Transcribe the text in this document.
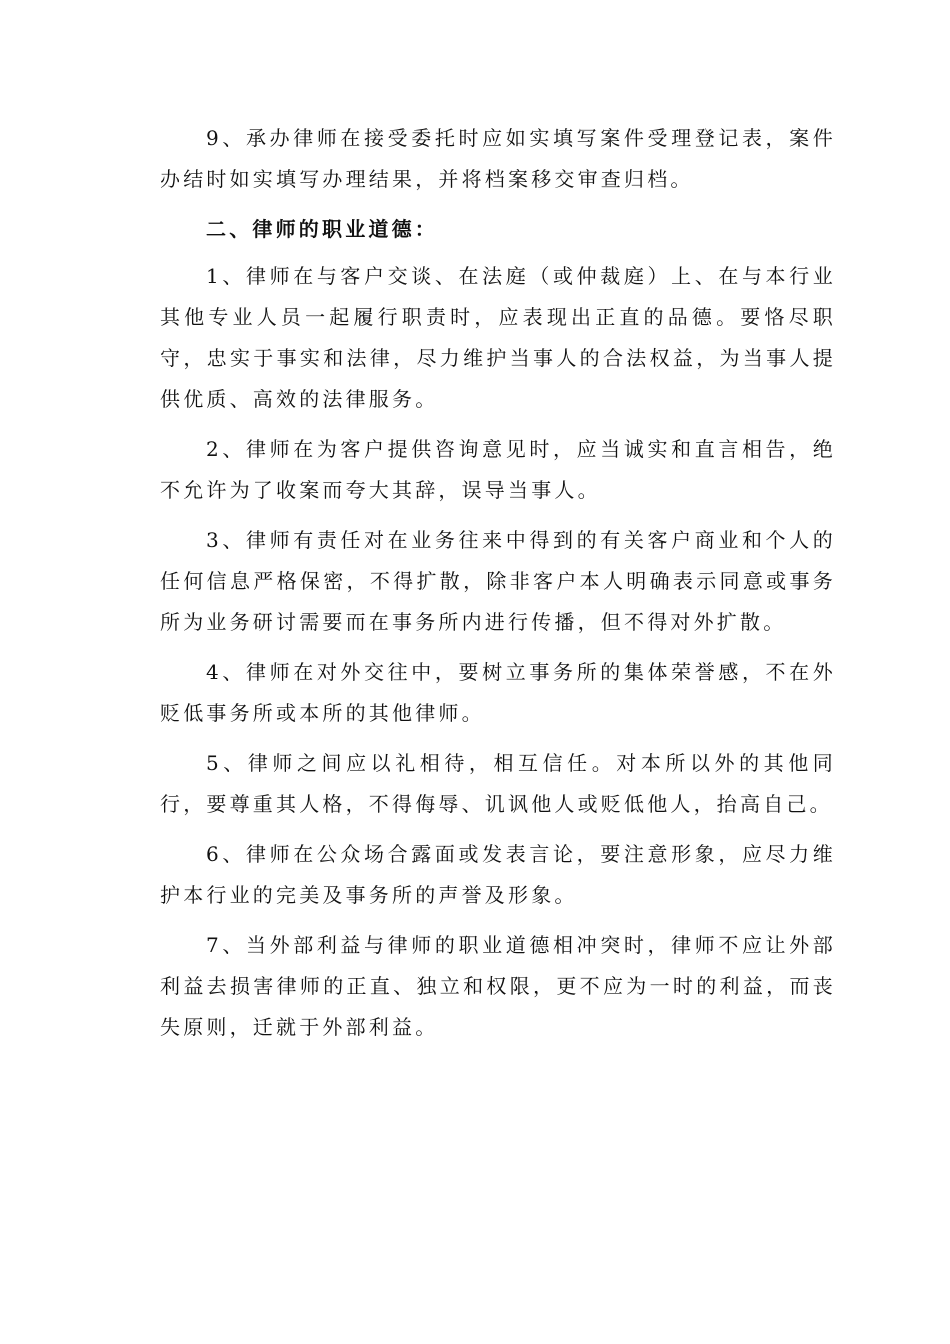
9、承办律师在接受委托时应如实填写案件受理登记表，案件办结时如实填写办理结果，并将档案移交审查归档。

二、律师的职业道德：

1、律师在与客户交谈、在法庭（或仲裁庭）上、在与本行业其他专业人员一起履行职责时，应表现出正直的品德。要恪尽职守，忠实于事实和法律，尽力维护当事人的合法权益，为当事人提供优质、高效的法律服务。

2、律师在为客户提供咨询意见时，应当诚实和直言相告，绝不允许为了收案而夸大其辞，误导当事人。

3、律师有责任对在业务往来中得到的有关客户商业和个人的任何信息严格保密，不得扩散，除非客户本人明确表示同意或事务所为业务研讨需要而在事务所内进行传播，但不得对外扩散。

4、律师在对外交往中，要树立事务所的集体荣誉感，不在外贬低事务所或本所的其他律师。

5、律师之间应以礼相待，相互信任。对本所以外的其他同行，要尊重其人格，不得侮辱、讥讽他人或贬低他人，抬高自己。

6、律师在公众场合露面或发表言论，要注意形象，应尽力维护本行业的完美及事务所的声誉及形象。

7、当外部利益与律师的职业道德相冲突时，律师不应让外部利益去损害律师的正直、独立和权限，更不应为一时的利益，而丧失原则，迁就于外部利益。
